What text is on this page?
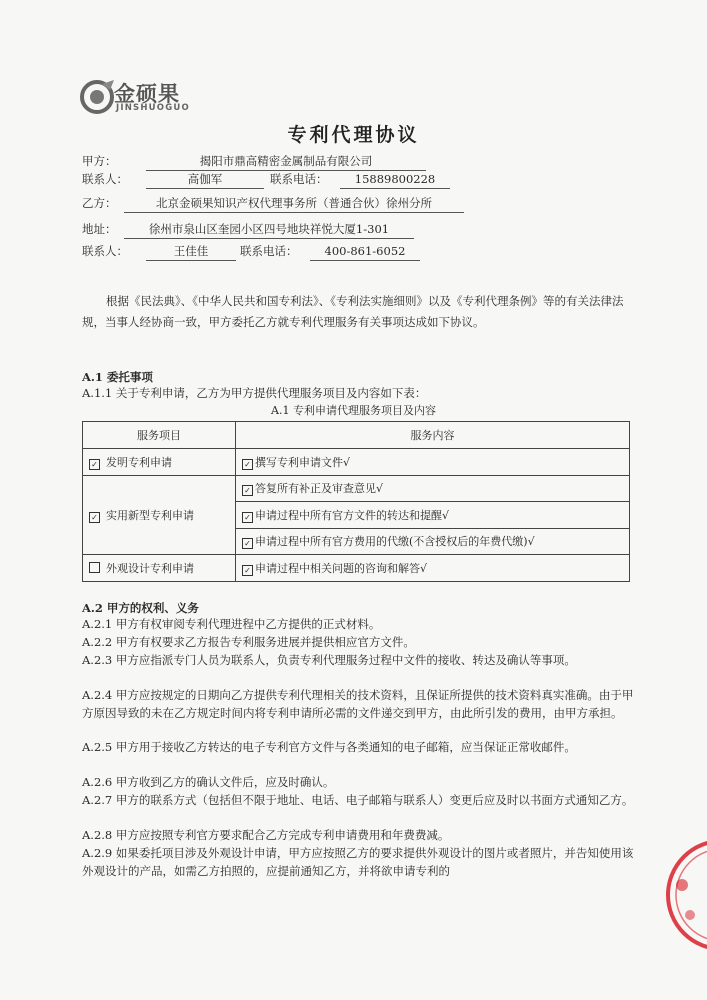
金硕果
JINSHUOGUO
专利代理协议
甲方：	揭阳市鼎高精密金属制品有限公司
联系人：	高伽军	联系电话： 15889800228
乙方：	北京金硕果知识产权代理事务所（普通合伙）徐州分所
地址：	徐州市泉山区奎园小区四号地块祥悦大厦1-301
联系人：	王佳佳	联系电话： 400-861-6052
根据《民法典》、《中华人民共和国专利法》、《专利法实施细则》以及《专利代理条例》等的有关法律法规，当事人经协商一致，甲方委托乙方就专利代理服务有关事项达成如下协议。
A.1 委托事项
A.1.1 关于专利申请，乙方为甲方提供代理服务项目及内容如下表：
A.1 专利申请代理服务项目及内容
服务项目	服务内容
✓ 发明专利申请	✓ 撰写专利申请文件√
✓ 实用新型专利申请	✓ 答复所有补正及审查意见√
	✓ 申请过程中所有官方文件的转达和提醒√
	✓ 申请过程中所有官方费用的代缴(不含授权后的年费代缴)√
外观设计专利申请	✓ 申请过程中相关问题的咨询和解答√
A.2 甲方的权利、义务
A.2.1 甲方有权审阅专利代理进程中乙方提供的正式材料。
A.2.2 甲方有权要求乙方报告专利服务进展并提供相应官方文件。
A.2.3 甲方应指派专门人员为联系人，负责专利代理服务过程中文件的接收、转达及确认等事项。
A.2.4 甲方应按规定的日期向乙方提供专利代理相关的技术资料，且保证所提供的技术资料真实准确。由于甲方原因导致的未在乙方规定时间内将专利申请所必需的文件递交到甲方，由此所引发的费用，由甲方承担。
A.2.5 甲方用于接收乙方转达的电子专利官方文件与各类通知的电子邮箱，应当保证正常收邮件。
A.2.6 甲方收到乙方的确认文件后，应及时确认。
A.2.7 甲方的联系方式（包括但不限于地址、电话、电子邮箱与联系人）变更后应及时以书面方式通知乙方。
A.2.8 甲方应按照专利官方要求配合乙方完成专利申请费用和年费费减。
A.2.9 如果委托项目涉及外观设计申请，甲方应按照乙方的要求提供外观设计的图片或者照片，并告知使用该外观设计的产品，如需乙方拍照的，应提前通知乙方，并将欲申请专利的
